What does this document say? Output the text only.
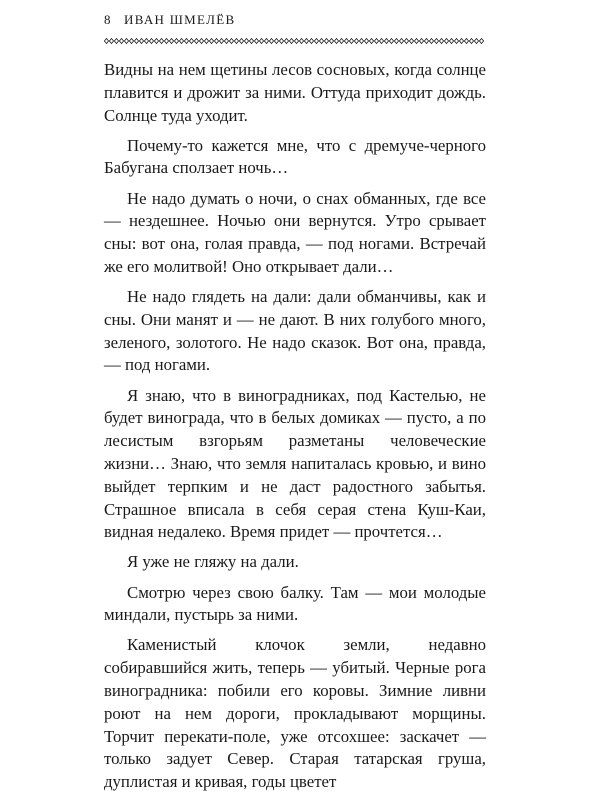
8 ИВАН ШМЕЛЁВ

Видны на нем щетины лесов сосновых, когда солнце плавится и дрожит за ними. Оттуда приходит дождь. Солнце туда уходит.

Почему-то кажется мне, что с дремуче-черного Бабугана сползает ночь…

Не надо думать о ночи, о снах обманных, где все — нездешнее. Ночью они вернутся. Утро срывает сны: вот она, голая правда, — под ногами. Встречай же его молитвой! Оно открывает дали…

Не надо глядеть на дали: дали обманчивы, как и сны. Они манят и — не дают. В них голубого много, зеленого, золотого. Не надо сказок. Вот она, правда, — под ногами.

Я знаю, что в виноградниках, под Кастелью, не будет винограда, что в белых домиках — пусто, а по лесистым взгорьям разметаны человеческие жизни… Знаю, что земля напиталась кровью, и вино выйдет терпким и не даст радостного забытья. Страшное вписала в себя серая стена Куш-Каи, видная недалеко. Время придет — прочтется…

Я уже не гляжу на дали.

Смотрю через свою балку. Там — мои молодые миндали, пустырь за ними.

Каменистый клочок земли, недавно собиравшийся жить, теперь — убитый. Черные рога виноградника: побили его коровы. Зимние ливни роют на нем дороги, прокладывают морщины. Торчит перекати-поле, уже отсохшее: заскачет — только задует Север. Старая татарская груша, дуплистая и кривая, годы цветет
